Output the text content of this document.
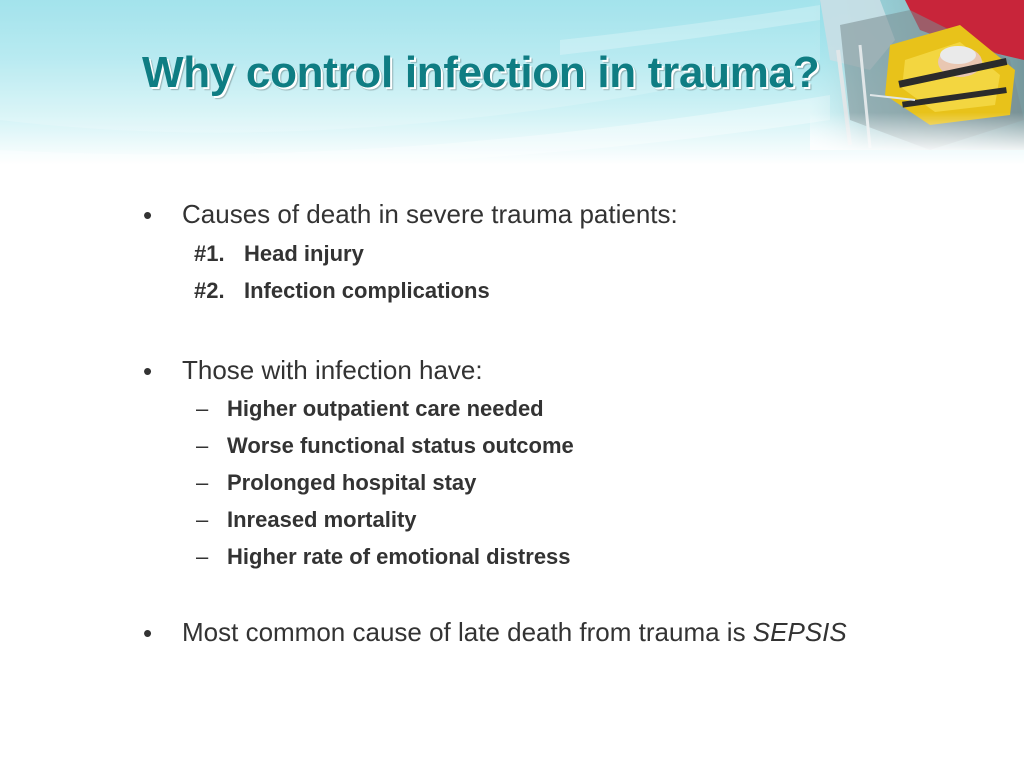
Why control infection in trauma?
• Causes of death in severe trauma patients:
#1. Head injury
#2. Infection complications
• Those with infection have:
– Higher outpatient care needed
– Worse functional status outcome
– Prolonged hospital stay
– Inreased mortality
– Higher rate of emotional distress
• Most common cause of late death from trauma is SEPSIS
